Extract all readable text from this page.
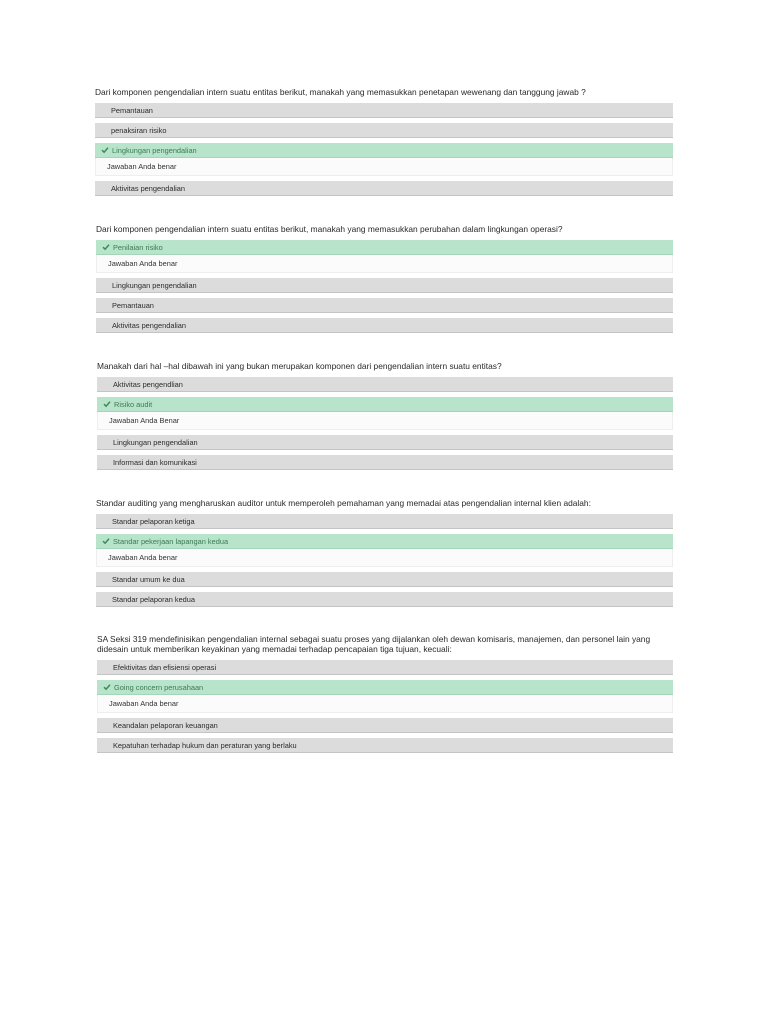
Dari komponen pengendalian intern suatu entitas berikut, manakah yang memasukkan penetapan wewenang dan tanggung jawab ?

Pemantauan
penaksiran risiko
Lingkungan pengendalian
Jawaban Anda benar
Aktivitas pengendalian

Dari komponen pengendalian intern suatu entitas berikut, manakah yang memasukkan perubahan dalam lingkungan operasi?

Penilaian risiko
Jawaban Anda benar
Lingkungan pengendalian
Pemantauan
Aktivitas pengendalian

Manakah dari hal –hal dibawah ini yang bukan merupakan komponen dari pengendalian intern suatu entitas?

Aktivitas pengendlian
Risiko audit
Jawaban Anda Benar
Lingkungan pengendalian
Informasi dan komunikasi

Standar auditing yang mengharuskan auditor untuk memperoleh pemahaman yang memadai atas pengendalian internal klien adalah:

Standar pelaporan ketiga
Standar pekerjaan lapangan kedua
Jawaban Anda benar
Standar umum ke dua
Standar pelaporan kedua

SA Seksi 319 mendefinisikan pengendalian internal sebagai suatu proses yang dijalankan oleh dewan komisaris, manajemen, dan personel lain yang didesain untuk memberikan keyakinan yang memadai terhadap pencapaian tiga tujuan, kecuali:

Efektivitas dan efisiensi operasi
Going concern perusahaan
Jawaban Anda benar
Keandalan pelaporan keuangan
Kepatuhan terhadap hukum dan peraturan yang berlaku
